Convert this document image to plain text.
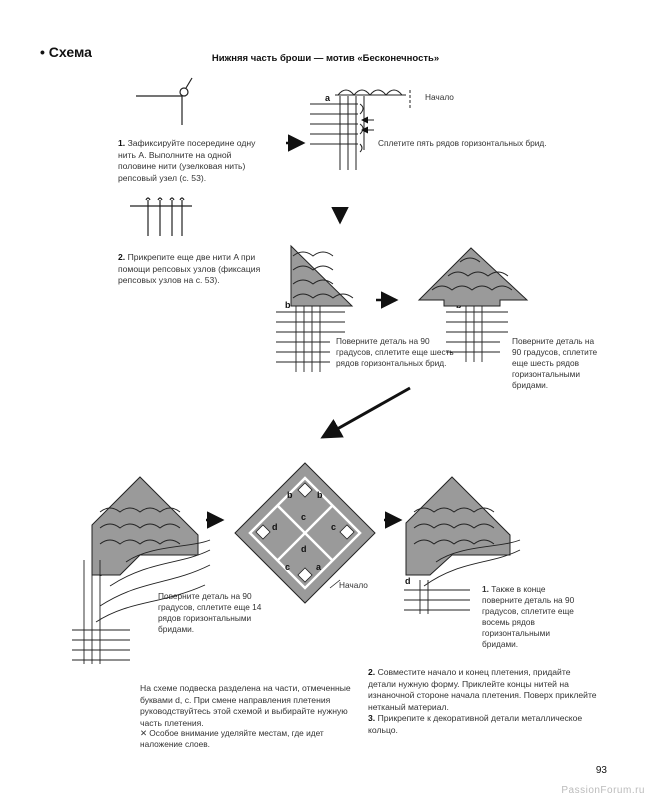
• Схема	Нижняя часть броши — мотив «Бесконечность»
1. Зафиксируйте посередине одну нить A. Выполните на одной половине нити (узелковая нить) репсовый узел (с. 53).
2. Прикрепите еще две нити A при помощи репсовых узлов (фиксация репсовых узлов на с. 53).
Начало
Сплетите пять рядов горизонтальных брид.
Поверните деталь на 90 градусов, сплетите еще шесть рядов горизонтальных брид.
Поверните деталь на 90 градусов, сплетите еще шесть рядов горизонтальными бридами.
Поверните деталь на 90 градусов, сплетите еще 14 рядов горизонтальными бридами.
Начало	1. Также в конце поверните деталь на 90 градусов, сплетите еще восемь рядов горизонтальными бридами.
a
b
d
На схеме подвеска разделена на части, отмеченные буквами d, c. При смене направления плетения руководствуйтесь этой схемой и выбирайте нужную часть плетения.
✕ Особое внимание уделяйте местам, где идет наложение слоев.
2. Совместите начало и конец плетения, придайте детали нужную форму. Приклейте концы нитей на изнаночной стороне начала плетения. Поверх приклейте нетканый материал.
3. Прикрепите к декоративной детали металлическое кольцо.
93
PassionForum.ru
b	b
d	c
c	a
c
d
